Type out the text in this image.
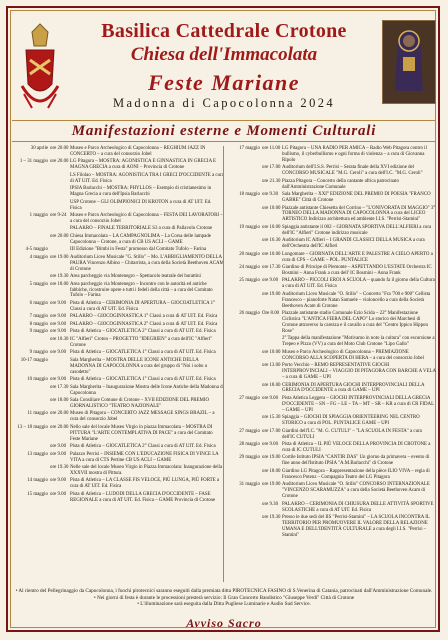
Basilica Cattedrale Crotone
Chiesa dell'Immacolata
Feste Mariane
Madonna di Capocolonna 2024
Manifestazioni esterne e Momenti Culturali
30 aprile ore 20.00 Museo e Parco Archeologico di Capocolonna – REGHIUM JAZZ IN CONCERTO – a cura del consorzio Jobel
1 – 31 maggio ore 20.00 LG Pitagora – MOSTRA: AGONISTICA E GINNASTICA IN GRECIA E MAGNA GRECIA a cura di AONI – Provincia di Crotone
LS Filolao – MOSTRA: AGONISTICA TRA I GRECI D'OCCIDENTE a cura di AT UIT. Ed. Fisica
IPSIA Barlacchi – MOSTRA: PHYLLOS – Esempio di cristianesimo in Magna Grecia a cura dell'Ipsia Barlacchi
USP Crotone – GLI OLIMPIONICI DI KROTON a cura di AT UIT. Ed. Fisica
1 maggio ore 9-24 Museo e Parco Archeologico di Capocolonna – FESTA DEI LAVORATORI – a cura del consorzio Jobel
PALAKRO – FINALE TERRITORIALE S3 a cura di Pallavolo Crotone
ore 20.00 Chiesa Immacolata – LA CAMPAGNOLIMA – La Corsa delle lampade Capocolonna – Crotone, a cura di CB US ACLI – GAME
4-5 maggio	III Edizione "Bimbi in Festa" promosso dal Comitato Tufolo – Farina
4 maggio ore 19.00 Auditorium Liceo Musicale "G. Stillo" – Mo. L'ABBIGLIAMENTO DELLA PAURA Vincenzo Albino – Chitarrista, a cura della Società Beethoven ACAM di Crotone
ore 19.30 Area parcheggio via Montenegro – Spettacolo teatrale dei burattini
5 maggio ore 18.00 Area parcheggio via Montenegro – Incontro con le autorità ed antiche fabbiche, ricostruire opere e tutti i fedeli della città – a cura del Comitato Tufolo – Farina
6 maggio ore 9.00 Pista di Atletica – CERIMONIA DI APERTURA – GIOCOATLETICA 1° Classi a cura di AT UIT. Ed. Fisica
7 maggio ore 9.00 PALAKRO – GIOCOGINNASTICA 1° Classi a cura di AT UIT. Ed. Fisica
8 maggio ore 9.00 PALAKRO – GIOCOGINNASTICA 2° Classi a cura di AT UIT. Ed. Fisica
9 maggio ore 9.00 Pista di Atletica – GIOCATLETICA 2° Classi a cura di AT UIT. Ed. Fisica
ore 10.30 IC "Alfieri" Croton – PROGETTO "IDEGRIEN" a cura dell'IC "Alfieri" Crotone
9 maggio ore 9.00 Pista di Atletica – GIOCATLETICA 1° Classi a cura di AT UIT. Ed. Fisica
10-17 maggio	Sala Margherita – MOSTRA DELLE ICONE ANTICHE DELLA MADONNA DI CAPOCOLONNA a cura del gruppo di "Noi i sobu u casodetto"
10 maggio ore 9.00 Pista di Atletica – GIOCATLETICA 1° Classi a cura di AT UIT. Ed. Fisica
ore 17.30 Sala Margherita – Inaugurazione Mostra delle Icone Antiche della Madonna di Capocolonna
ore 18.00 Sala Consiliare Comune di Crotone – XVII EDIZIONE DEL PREMIO GIORNALISTICO "TEATRO NAZIONALE"
11 maggio ore 20.00 Museo di Pitagora – CONCERTO JAZZ MESSAGE SINGS BRAZIL – a cura del consorzio Jobel
13 – 18 maggio ore 20.00 Nello sale del locale Museo Virgio in piazza Immacolata – MOSTRA DI PITTURA "L'ARTE CONTEMPLATIVA DI PACE" a cura del Comitato Feste Mariane
ore 9.00 Pista di Atletica – GIOCATLETICA 2° Classi a cura di AT UIT. Ed. Fisica
13 maggio ore 9.00 Palazzo Perrisi – INSIEME CON L'EDUCAZIONE FISICA DI VINCE LA VITA a cura di CTS Pertine CB US ACLI – GAME
ore 19.30 Nelle sale del locale Museo Virgio in Piazza Immacolata: Inaugurazione della XXXVII mostra di Pittura.
14 maggio ore 9.00 Pista di Atletica – LA CLASSE FIS VELOCE, PIÙ LUNGA, PIÙ FORTE a cura di AT UIT. Ed. Fisica
15 maggio ore 9.00 Pista di Atletica – LUDODI DELLA GRECIA D'OCCIDENTE – FASE REGIONALE a cura di AT UIT. Ed. Fisica – GAME Provincia di Crotone
17 maggio ore 11.00 LG Pitagora – UNA RADIO PER AMICA – Radio Web Pitagora contro il bullismo, il cyberbullismo e ogni forma di violenza – a cura di Giovanna Ripolo
ore 17.00 Auditorium dell'I.S.S. Perrisi – Serata finale della XVI edizione del CONCORSO MUSICALE "M.G. Ceroli" a cura dell'I.C. "M.G. Ceroli"
ore 21.30 Piazza Pitagora – Concerto della cantante africa patrocinato dall'Amministrazione Comunale
18 maggio ore 9.30 Sala Margherita – XXI° EDIZIONE DEL PREMIO DI POESIA "FRANCO GABRE" Città di Crotone
ore 10.00 Piazzale antistante Chiesetta del Corrino – "L'ONIVORATA DI MAGGIO" 3° TORNEO DELLA MADONNA DI CAPOCOLONNA a cura del LICEO ARTISTICO Indirizzo architettura ed ambiente I.I.S. "Perrisi-Stamini"
19 maggio ore 10.00 Spiaggia antistante il 002 – GIORNATA SPORTIVA DELL'ALFIERI a cura dell'IC "Alfieri" Crotone indirizzo musicale
ore 16.30 Auditorium IC Alfieri – I GRANDI CLASSICI DELLA MUSICA a cura dell'Orchestra dell'IC Alfieri
20 maggio ore 10.00 Lungomare – GIORNATA DELL'ARTE E PALESTRE A CIELO APERTO a cura di CPS – GAME – POL. PUNTALICE
24 maggio ore 17.30 Giardino di Principe di Piemonte – ASPETTANDO L'ESTATE Orchestra IC Bosmini – Anna Frank a cura dell' IC Bosmini – Anna Frank
25 maggio ore 9.00 PALAKRO – PICCOLI EROI A SCUOLA – quando fa il giorno della Cultura a cura di AT UIT. Ed. Fisica
ore 19.00 Auditorium Liceo Musicale "O. Stillo" – Concerto "Fra '700 e 900" Cellista Francesco – pianoforte Natan Samuele – violoncello a cura della Società Beethoven Acam di Crotone
26 maggio Ore 8.00 Piazzale antistante stadio Comunale Ezio Scida – 22° Manifestazione Ciclistica "L'ANTICA FIERA DEL CAPO" Lo storico dei Marchesi di Crotone attraverso la carezza e il cavallo a cura del "Centro Ippico Hippon Rose"
2° Tappa della manifestazione "Motivamo in noto la cultura" con escursione a Trepeo e Pizzo (VV) a cura del Moto Club Crotone "Lipo Gallo"
ore 10.00 Museo e Parco Archeologico di Capocolonna – PREMIAZIONE CONCORSO ALLA SCOPERTA DI HERA – a cura del consorzio Jobel
ore 13.00 Porto Vecchio – REMO REPRESENTATIVE GIOCHI INTERPROVINCIALI – VIAGGIO DI PITAGORA CON BARCHE A VELA – a cura di GAME – UPI
ore 18.00 CERIMONIA DI APERTURA GIOCHI INTERPROVINCIALI DELLA GRECIA D'OCCIDENTE a cura di GAME – UPI
27 maggio ore 9.00 Pista Atletica Leggera – GIOCHI INTERPROVINCIALI DELLA GRECIA D'OCCIDENTE – SN – FG – LE – TA – MT – SR – KR a cura di CR FIDAL – GAME – UPI
ore 15.30 Spiaggia – GIOCHI DI SPIAGGIA ORIENTEERING NEL CENTRO STORICO a cura di POL. PUNTALICE GAME – UPI
27 maggio ore 17.00 Giardini dell'I.C. "M. G. CUTULI" – "LA SCUOLA IN FESTA" a cura dell'IC CUTULI
28 maggio ore 9.00 Pista di Atletica – IL PIÙ VELOCE DELLA PROVINCIA DI CROTONE a cura di IC CUTULI
29 maggio ore 19.00 Cortile Istituto IPSIA "CANTIR DAS" Un giorno da primavera – evento di fine anno dell'Istituto IPSIA "A.M.Barlacchi" di Crotone
ore 18.00 Giardino LG Pitagora – Rappresentazione della pièce ILIO VIVA – regia di Francesco Potenz – Compagnia Teatro del LG Pitagora
31 maggio ore 19.00 Auditorium Liceo Musicale "O. Stillo" CONCORSO INTERNAZIONALE "VINCENZO SCARAMUZZA" a cura della Società Beethoven Acam di Crotone
ore 9.30 PALAKRO – CERIMONIA DI CHIUSURA DELLE ATTIVITÀ SPORTIVE SCOLASTICHE a cura di AT UIT. Ed. Fisica
ore 19.30 Presso le due sedi del IIS "Perrisi-Stamini" – LA SCUOLA INCONTRA IL TERRITORIO PER PROMUOVERE IL VALORE DELLA RELAZIONE UMANA E DELL'IDENTITÀ CULTURALE a cura degli I.I.S. "Perrisi – Stamini"
• Al rientro del Pellegrinaggio da Capocolonna, i fuochi pirotecnici saranno eseguiti dalla premiata ditta PIROTECNICA FASINO di S.Venerina di Catania, patrocinati dall'Amministrazione Comunale.
• Nei giorni di festa è durante le processioni presterà servizio: Il Gran Concerto Bandistico "Giuseppe Verdi" Città di Crotone
• L'illuminazione sarà eseguita dalla Ditta Pugliese Luminarie e Audio Sud Service.
Avviso Sacro
